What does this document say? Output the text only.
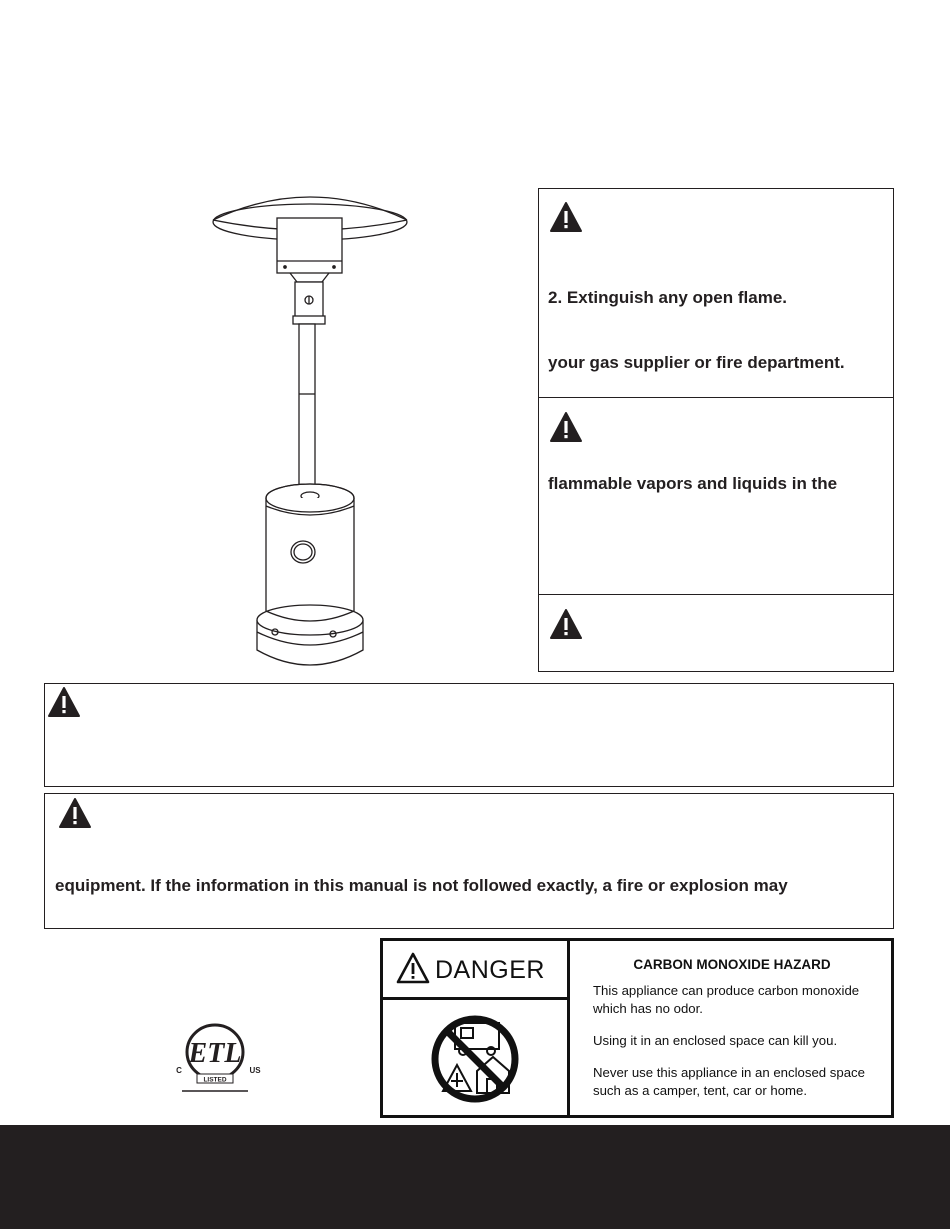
2. Extinguish any open flame.
your gas supplier or fire department.
flammable vapors and liquids in the
equipment. If the information in this manual is not followed exactly, a fire or explosion may
ETL
LISTED
C	US
DANGER	CARBON MONOXIDE HAZARD
This appliance can produce carbon monoxide
which has no odor.
Using it in an enclosed space can kill you.
Never use this appliance in an enclosed space
such as a camper, tent, car or home.
